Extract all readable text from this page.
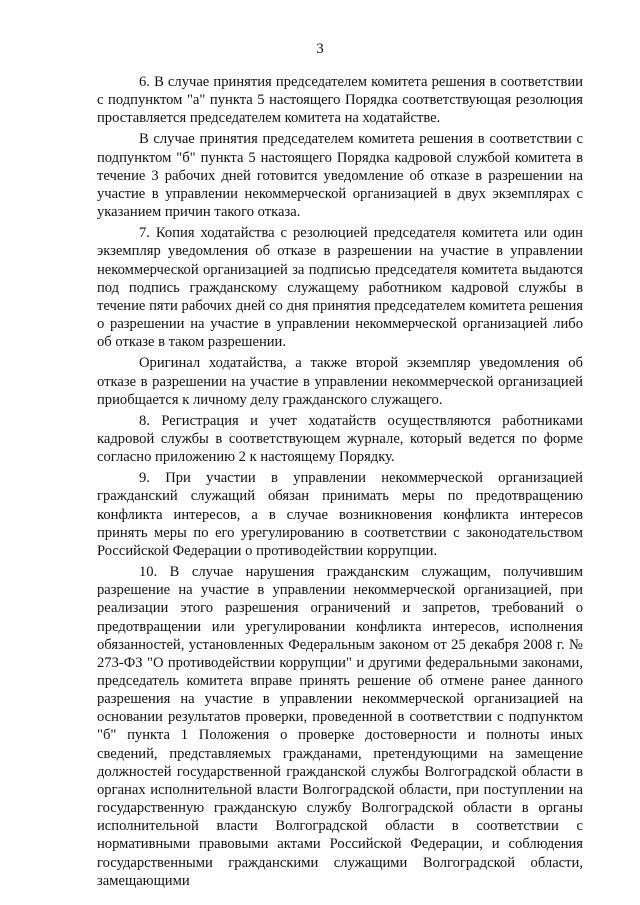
3

6. В случае принятия председателем комитета решения в соответствии с подпунктом "а" пункта 5 настоящего Порядка соответствующая резолюция проставляется председателем комитета на ходатайстве.

В случае принятия председателем комитета решения в соответствии с подпунктом "б" пункта 5 настоящего Порядка кадровой службой комитета в течение 3 рабочих дней готовится уведомление об отказе в разрешении на участие в управлении некоммерческой организацией в двух экземплярах с указанием причин такого отказа.

7. Копия ходатайства с резолюцией председателя комитета или один экземпляр уведомления об отказе в разрешении на участие в управлении некоммерческой организацией за подписью председателя комитета выдаются под подпись гражданскому служащему работником кадровой службы в течение пяти рабочих дней со дня принятия председателем комитета решения о разрешении на участие в управлении некоммерческой организацией либо об отказе в таком разрешении.

Оригинал ходатайства, а также второй экземпляр уведомления об отказе в разрешении на участие в управлении некоммерческой организацией приобщается к личному делу гражданского служащего.

8. Регистрация и учет ходатайств осуществляются работниками кадровой службы в соответствующем журнале, который ведется по форме согласно приложению 2 к настоящему Порядку.

9. При участии в управлении некоммерческой организацией гражданский служащий обязан принимать меры по предотвращению конфликта интересов, а в случае возникновения конфликта интересов принять меры по его урегулированию в соответствии с законодательством Российской Федерации о противодействии коррупции.

10. В случае нарушения гражданским служащим, получившим разрешение на участие в управлении некоммерческой организацией, при реализации этого разрешения ограничений и запретов, требований о предотвращении или урегулировании конфликта интересов, исполнения обязанностей, установленных Федеральным законом от 25 декабря 2008 г. № 273-ФЗ "О противодействии коррупции" и другими федеральными законами, председатель комитета вправе принять решение об отмене ранее данного разрешения на участие в управлении некоммерческой организацией на основании результатов проверки, проведенной в соответствии с подпунктом "б" пункта 1 Положения о проверке достоверности и полноты иных сведений, представляемых гражданами, претендующими на замещение должностей государственной гражданской службы Волгоградской области в органах исполнительной власти Волгоградской области, при поступлении на государственную гражданскую службу Волгоградской области в органы исполнительной власти Волгоградской области в соответствии с нормативными правовыми актами Российской Федерации, и соблюдения государственными гражданскими служащими Волгоградской области, замещающими
